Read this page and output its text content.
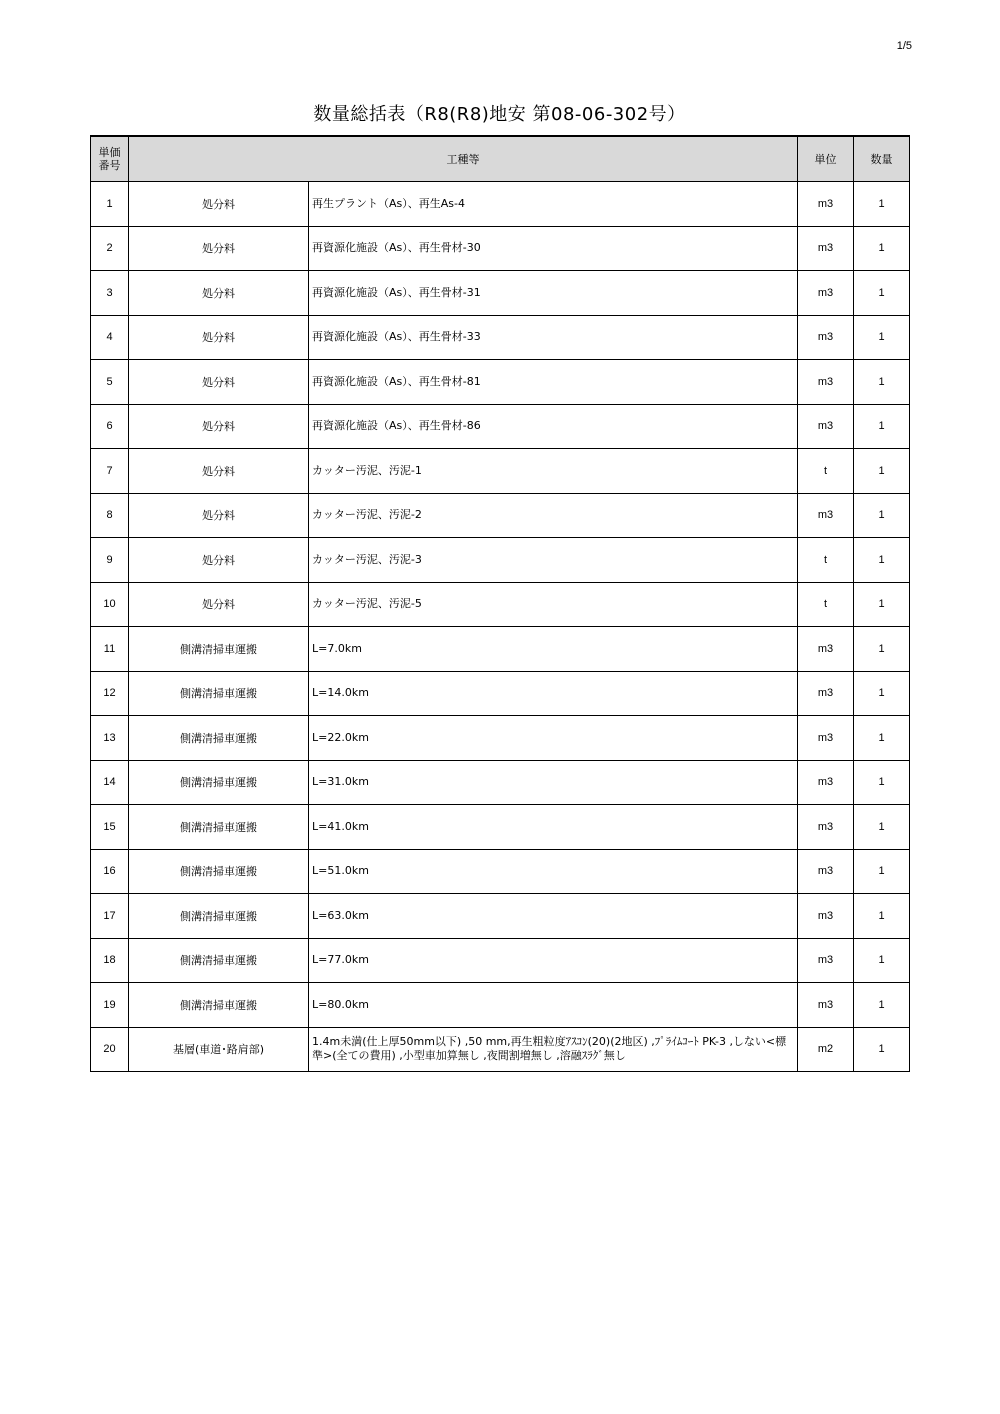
1/5
数量総括表（R8(R8)地安 第08-06-302号）
単価
番号	工種等		単位	数量
1	処分料	再生プラント（As）、再生As-4	m3	1
2	処分料	再資源化施設（As）、再生骨材-30	m3	1
3	処分料	再資源化施設（As）、再生骨材-31	m3	1
4	処分料	再資源化施設（As）、再生骨材-33	m3	1
5	処分料	再資源化施設（As）、再生骨材-81	m3	1
6	処分料	再資源化施設（As）、再生骨材-86	m3	1
7	処分料	カッター汚泥、汚泥-1	t	1
8	処分料	カッター汚泥、汚泥-2	m3	1
9	処分料	カッター汚泥、汚泥-3	t	1
10	処分料	カッター汚泥、汚泥-5	t	1
11	側溝清掃車運搬	L=7.0km	m3	1
12	側溝清掃車運搬	L=14.0km	m3	1
13	側溝清掃車運搬	L=22.0km	m3	1
14	側溝清掃車運搬	L=31.0km	m3	1
15	側溝清掃車運搬	L=41.0km	m3	1
16	側溝清掃車運搬	L=51.0km	m3	1
17	側溝清掃車運搬	L=63.0km	m3	1
18	側溝清掃車運搬	L=77.0km	m3	1
19	側溝清掃車運搬	L=80.0km	m3	1
20	基層(車道･路肩部)	1.4m未満(仕上厚50mm以下) ,50 mm,再生粗粒度ｱｽｺﾝ(20)(2地区) ,ﾌﾟﾗｲﾑｺｰﾄ PK-3 ,しない<標準>(全ての費用) ,小型車加算無し ,夜間割増無し ,溶融ｽﾗｸﾞ無し	m2	1
